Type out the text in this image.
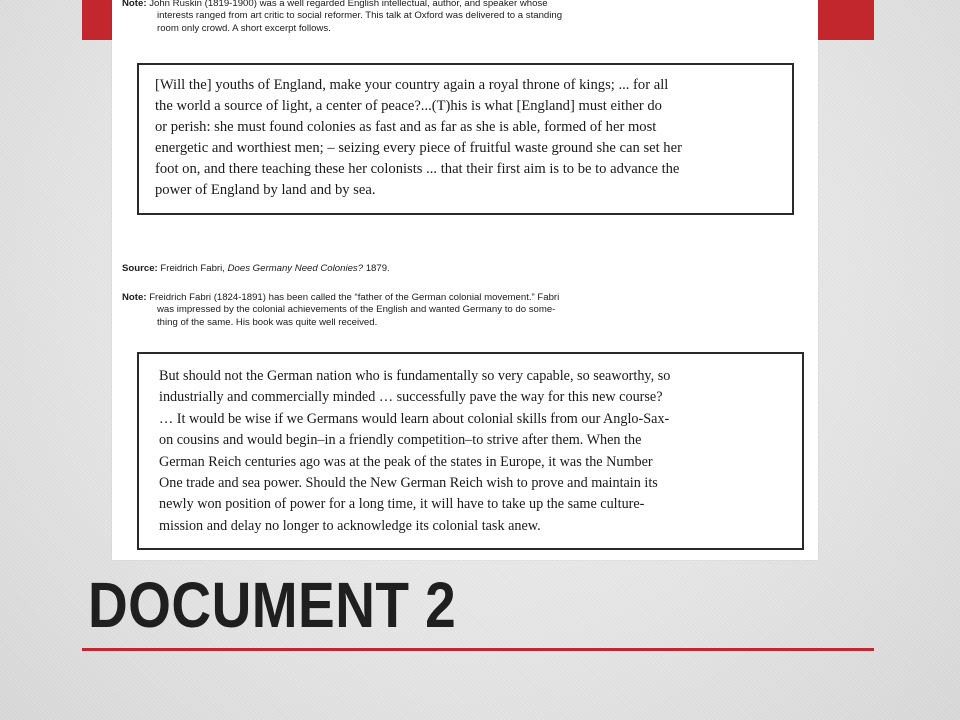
Note: John Ruskin (1819-1900) was a well regarded English intellectual, author, and speaker whose
interests ranged from art critic to social reformer. This talk at Oxford was delivered to a standing
room only crowd. A short excerpt follows.
[Will the] youths of England, make your country again a royal throne of kings; ... for all
the world a source of light, a center of peace?...(T)his is what [England] must either do
or perish: she must found colonies as fast and as far as she is able, formed of her most
energetic and worthiest men; – seizing every piece of fruitful waste ground she can set her
foot on, and there teaching these her colonists ... that their first aim is to be to advance the
power of England by land and by sea.
Source: Freidrich Fabri, Does Germany Need Colonies? 1879.
Note: Freidrich Fabri (1824-1891) has been called the “father of the German colonial movement.” Fabri
was impressed by the colonial achievements of the English and wanted Germany to do some-
thing of the same. His book was quite well received.
But should not the German nation who is fundamentally so very capable, so seaworthy, so
industrially and commercially minded … successfully pave the way for this new course?
… It would be wise if we Germans would learn about colonial skills from our Anglo-Sax-
on cousins and would begin–in a friendly competition–to strive after them. When the
German Reich centuries ago was at the peak of the states in Europe, it was the Number
One trade and sea power. Should the New German Reich wish to prove and maintain its
newly won position of power for a long time, it will have to take up the same culture-
mission and delay no longer to acknowledge its colonial task anew.
DOCUMENT 2
